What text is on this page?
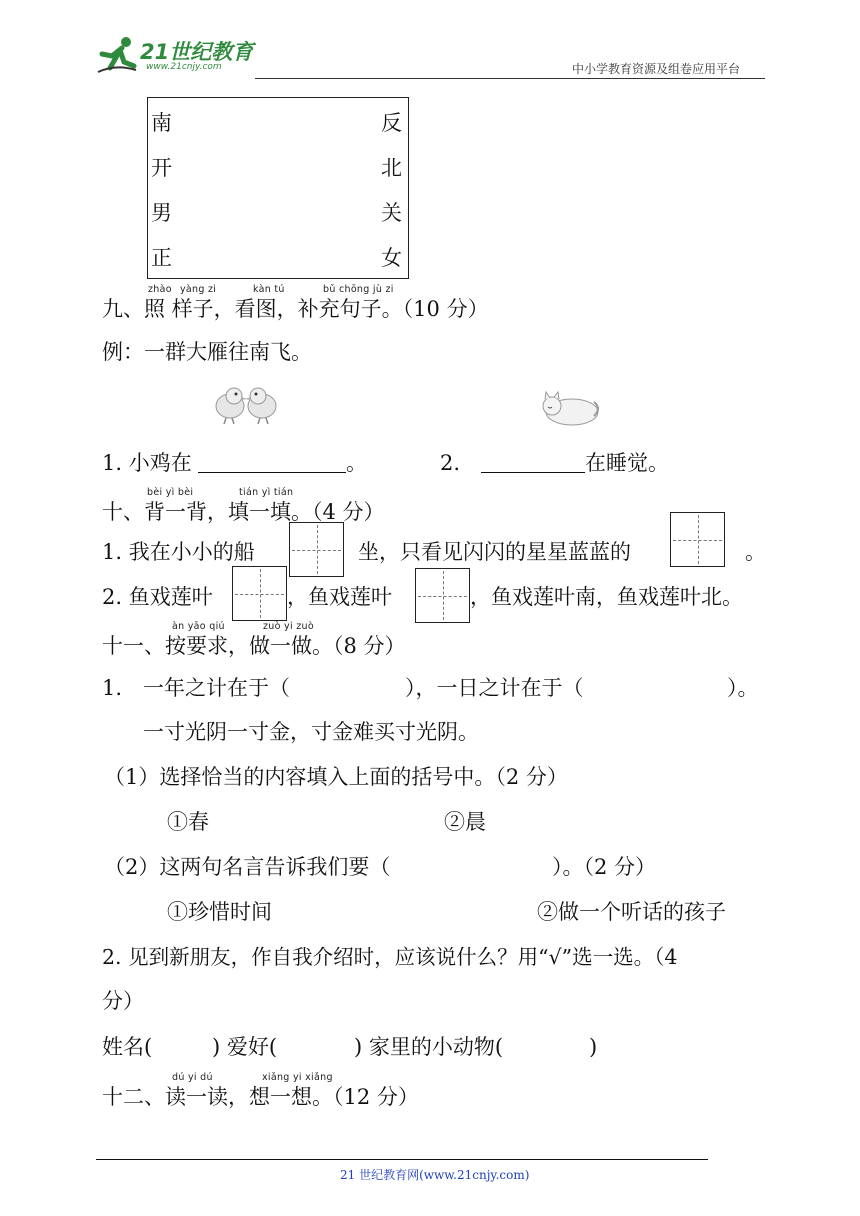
21世纪教育
www.21cnjy.com	中小学教育资源及组卷应用平台
南
开
男
正
反
北
关
女
zhào yàng zi	kàn tú	bǔ chōng jù zi
九、照 样子，看图，补充句子。（10 分）
例：一群大雁往南飞。
1. 小鸡在	。	2.	在睡觉。
bèi yì bèi	tián yì tián
十、背一背，填一填。（4 分）
1. 我在小小的船	坐，只看见闪闪的星星蓝蓝的	。
2. 鱼戏莲叶	，鱼戏莲叶	，鱼戏莲叶南，鱼戏莲叶北。
àn yāo qiú	zuò yi zuò
十一、按要求，做一做。（8 分）
1. 一年之计在于（	），一日之计在于（	）。
一寸光阴一寸金，寸金难买寸光阴。
（1）选择恰当的内容填入上面的括号中。（2 分）
①春	②晨
（2）这两句名言告诉我们要（	）。（2 分）
①珍惜时间	②做一个听话的孩子
2. 见到新朋友，作自我介绍时，应该说什么？用“√”选一选。（4
分）
姓名(	) 爱好(	) 家里的小动物(	)
dú yi dú	xiǎng yi xiǎng
十二、读一读，想一想。（12 分）
21 世纪教育网(www.21cnjy.com)
